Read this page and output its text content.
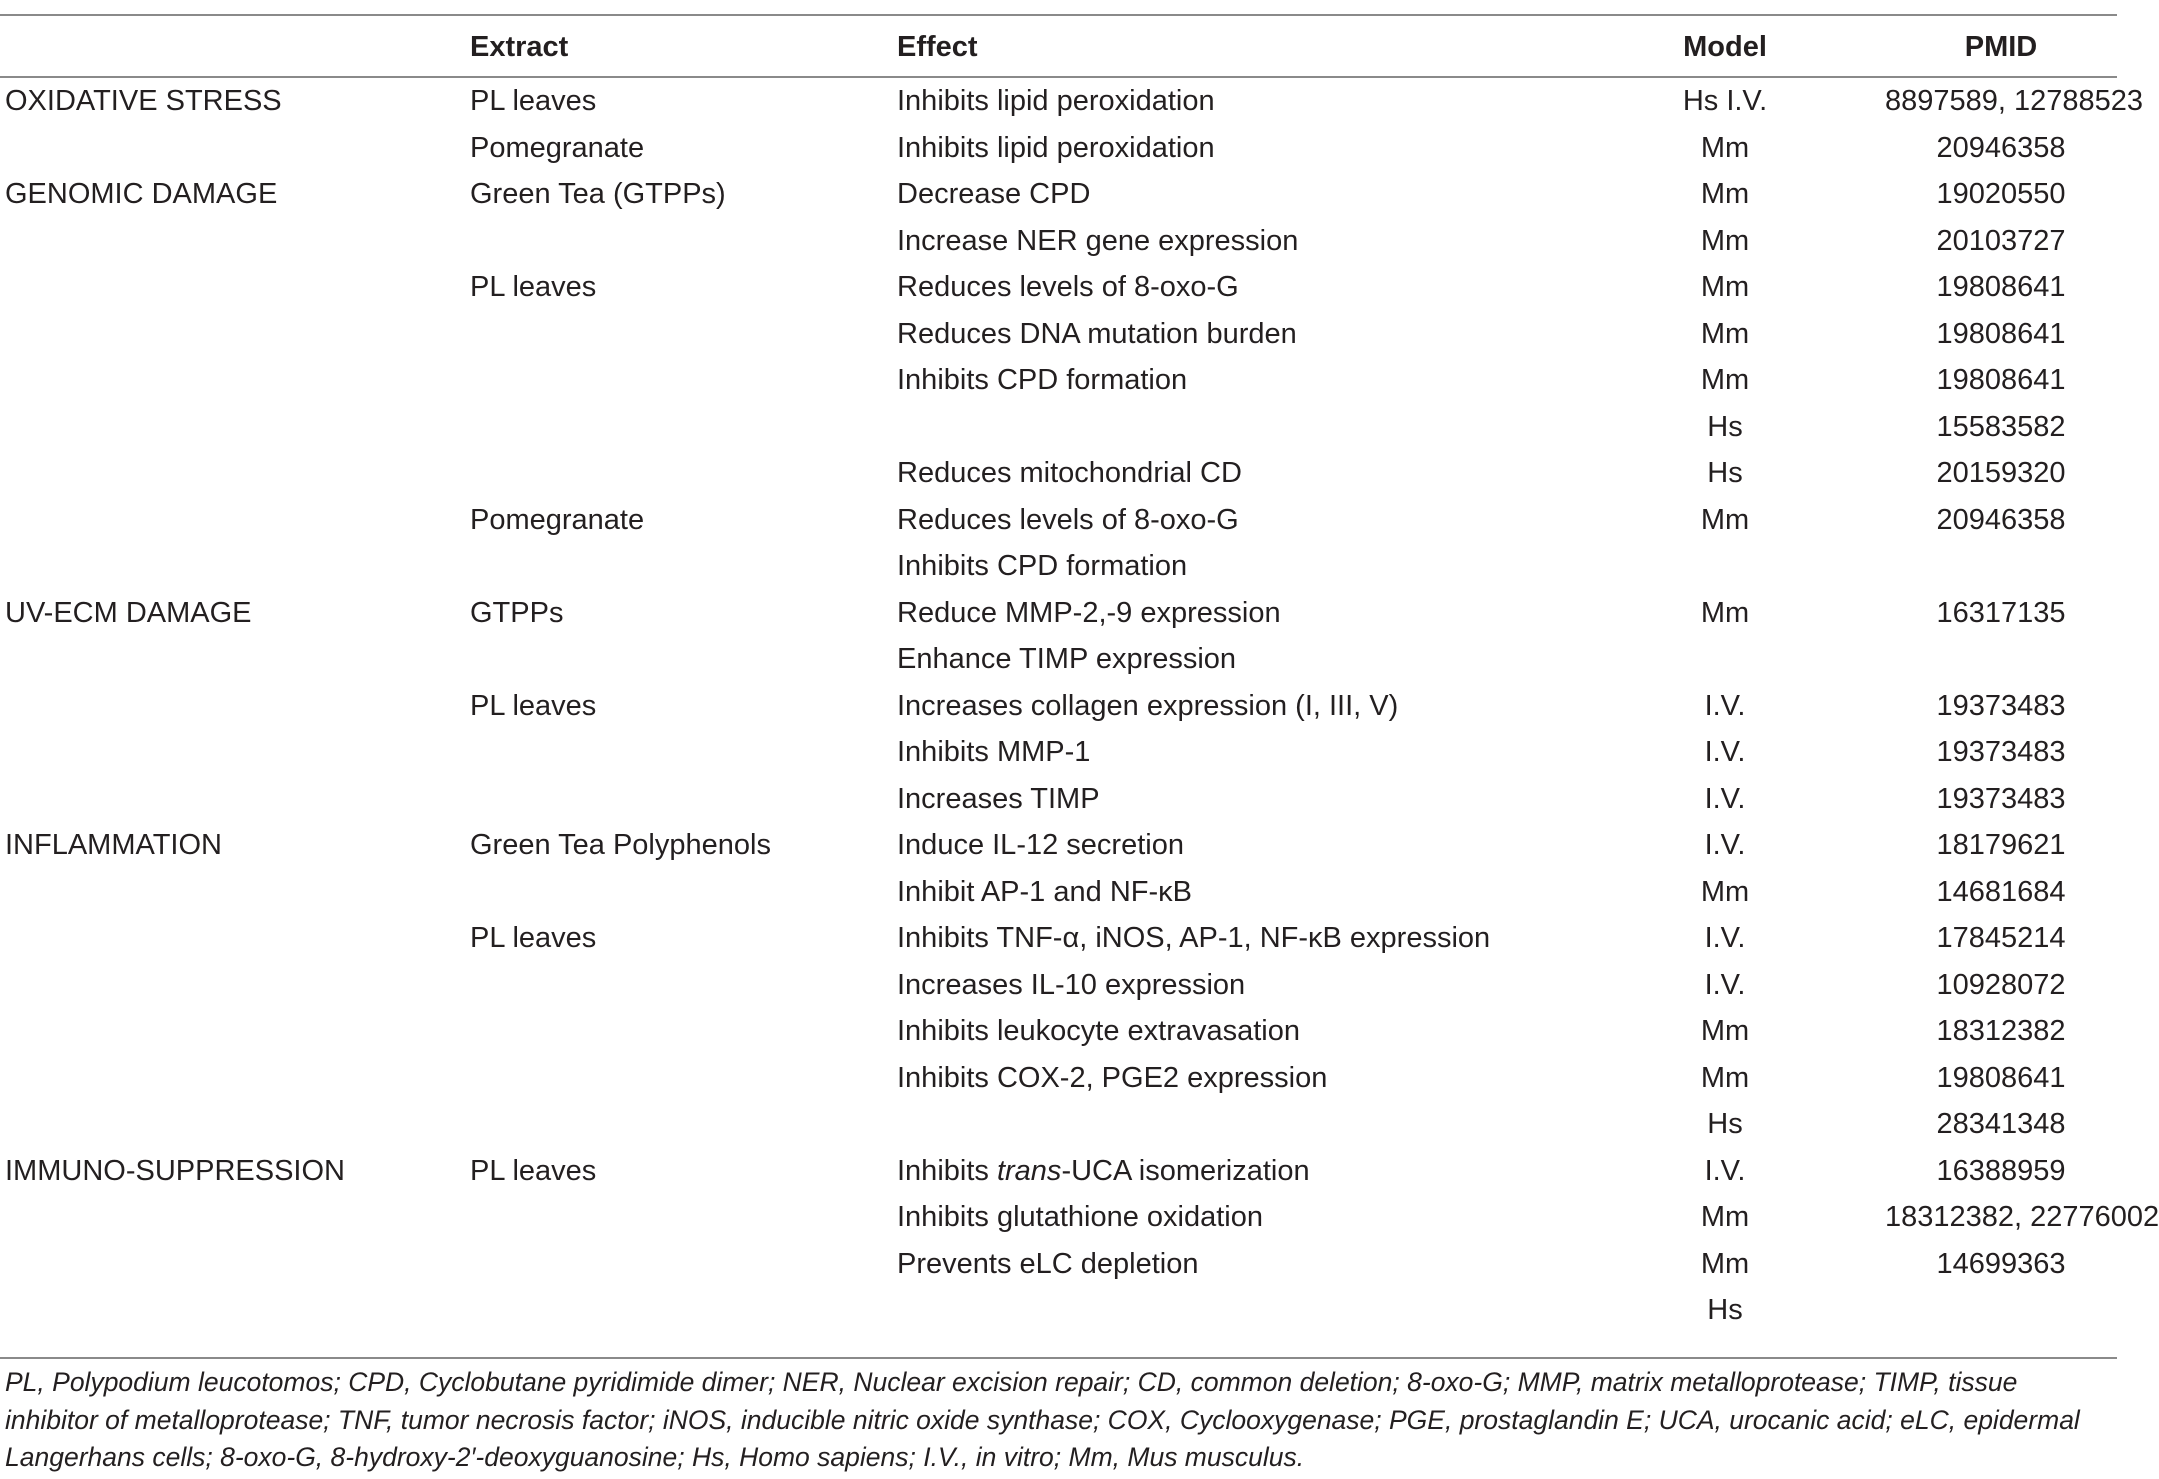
	Extract	Effect	Model	PMID
OXIDATIVE STRESS	PL leaves	Inhibits lipid peroxidation	Hs I.V.	8897589, 12788523
	Pomegranate	Inhibits lipid peroxidation	Mm	20946358
GENOMIC DAMAGE	Green Tea (GTPPs)	Decrease CPD	Mm	19020550
		Increase NER gene expression	Mm	20103727
	PL leaves	Reduces levels of 8-oxo-G	Mm	19808641
		Reduces DNA mutation burden	Mm	19808641
		Inhibits CPD formation	Mm	19808641
			Hs	15583582
		Reduces mitochondrial CD	Hs	20159320
	Pomegranate	Reduces levels of 8-oxo-G	Mm	20946358
		Inhibits CPD formation		
UV-ECM DAMAGE	GTPPs	Reduce MMP-2,-9 expression	Mm	16317135
		Enhance TIMP expression		
	PL leaves	Increases collagen expression (I, III, V)	I.V.	19373483
		Inhibits MMP-1	I.V.	19373483
		Increases TIMP	I.V.	19373483
INFLAMMATION	Green Tea Polyphenols	Induce IL-12 secretion	I.V.	18179621
		Inhibit AP-1 and NF-κB	Mm	14681684
	PL leaves	Inhibits TNF-α, iNOS, AP-1, NF-κB expression	I.V.	17845214
		Increases IL-10 expression	I.V.	10928072
		Inhibits leukocyte extravasation	Mm	18312382
		Inhibits COX-2, PGE2 expression	Mm	19808641
			Hs	28341348
IMMUNO-SUPPRESSION	PL leaves	Inhibits trans-UCA isomerization	I.V.	16388959
		Inhibits glutathione oxidation	Mm	18312382, 22776002
		Prevents eLC depletion	Mm	14699363
			Hs	
PL, Polypodium leucotomos; CPD, Cyclobutane pyridimide dimer; NER, Nuclear excision repair; CD, common deletion; 8-oxo-G; MMP, matrix metalloprotease; TIMP, tissue inhibitor of metalloprotease; TNF, tumor necrosis factor; iNOS, inducible nitric oxide synthase; COX, Cyclooxygenase; PGE, prostaglandin E; UCA, urocanic acid; eLC, epidermal Langerhans cells; 8-oxo-G, 8-hydroxy-2′-deoxyguanosine; Hs, Homo sapiens; I.V., in vitro; Mm, Mus musculus.
